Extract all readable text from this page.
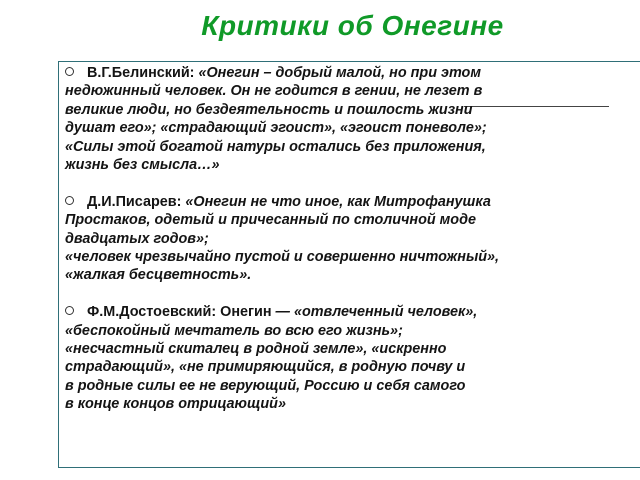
Критики об Онегине

В.Г.Белинский: «Онегин – добрый малой, но при этом

недюжинный человек. Он не годится в гении, не лезет в

великие люди, но бездеятельность и пошлость жизни

душат его»; «страдающий эгоист», «эгоист поневоле»;

«Силы этой богатой натуры остались без приложения,

жизнь без смысла…»

Д.И.Писарев: «Онегин не что иное, как Митрофанушка

Простаков, одетый и причесанный по столичной моде

двадцатых годов»;

«человек чрезвычайно пустой и совершенно ничтожный»,

«жалкая бесцветность».

Ф.М.Достоевский: Онегин — «отвлеченный человек»,

«беспокойный мечтатель во всю его жизнь»;

«несчастный скиталец в родной земле», «искренно

страдающий», «не примиряющийся, в родную почву и

в родные силы ее не верующий, Россию и себя самого

в конце концов отрицающий»
